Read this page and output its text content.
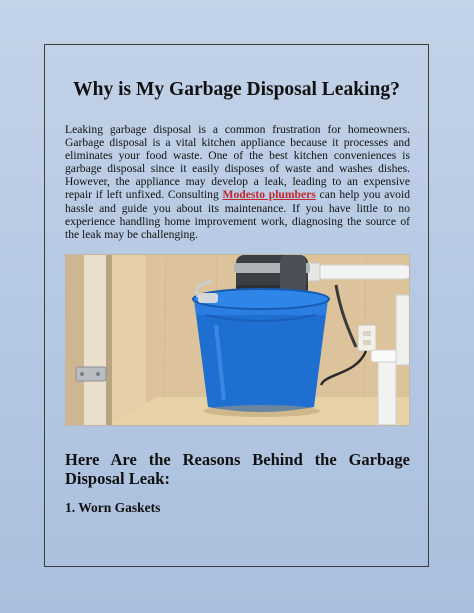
Why is My Garbage Disposal Leaking?

Leaking garbage disposal is a common frustration for homeowners. Garbage disposal is a vital kitchen appliance because it processes and eliminates your food waste. One of the best kitchen conveniences is garbage disposal since it easily disposes of waste and washes dishes. However, the appliance may develop a leak, leading to an expensive repair if left unfixed. Consulting Modesto plumbers can help you avoid hassle and guide you about its maintenance. If you have little to no experience handling home improvement work, diagnosing the source of the leak may be challenging.

Here Are the Reasons Behind the Garbage Disposal Leak:
1. Worn Gaskets
